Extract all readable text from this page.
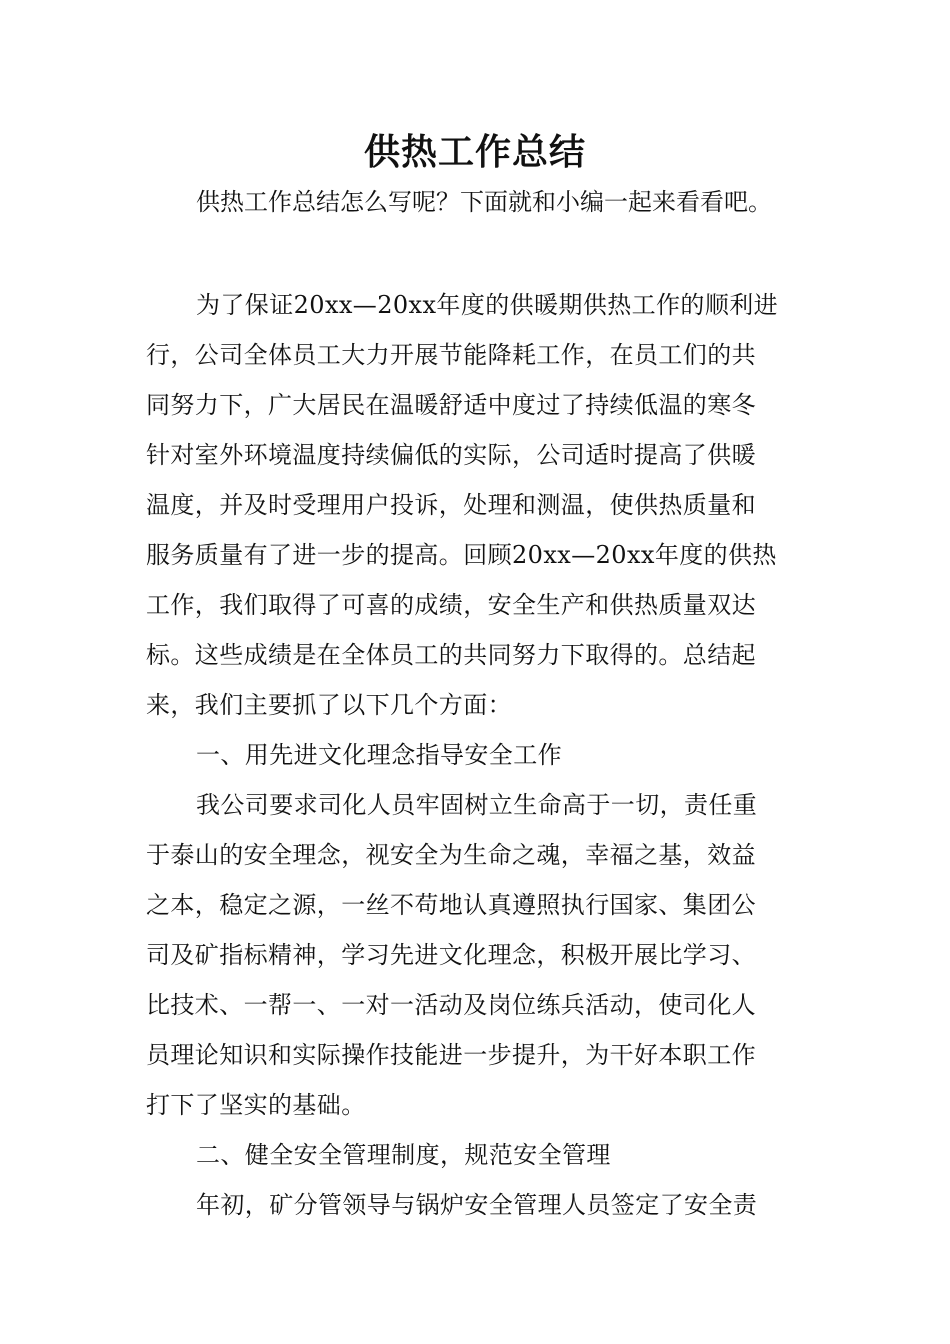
供热工作总结
供热工作总结怎么写呢？下面就和小编一起来看看吧。
为了保证20xx—20xx年度的供暖期供热工作的顺利进
行，公司全体员工大力开展节能降耗工作，在员工们的共
同努力下，广大居民在温暖舒适中度过了持续低温的寒冬
针对室外环境温度持续偏低的实际，公司适时提高了供暖
温度，并及时受理用户投诉，处理和测温，使供热质量和
服务质量有了进一步的提高。回顾20xx—20xx年度的供热
工作，我们取得了可喜的成绩，安全生产和供热质量双达
标。这些成绩是在全体员工的共同努力下取得的。总结起
来，我们主要抓了以下几个方面：
一、用先进文化理念指导安全工作
我公司要求司化人员牢固树立生命高于一切，责任重
于泰山的安全理念，视安全为生命之魂，幸福之基，效益
之本，稳定之源，一丝不苟地认真遵照执行国家、集团公
司及矿指标精神，学习先进文化理念，积极开展比学习、
比技术、一帮一、一对一活动及岗位练兵活动，使司化人
员理论知识和实际操作技能进一步提升，为干好本职工作
打下了坚实的基础。
二、健全安全管理制度，规范安全管理
年初，矿分管领导与锅炉安全管理人员签定了安全责
